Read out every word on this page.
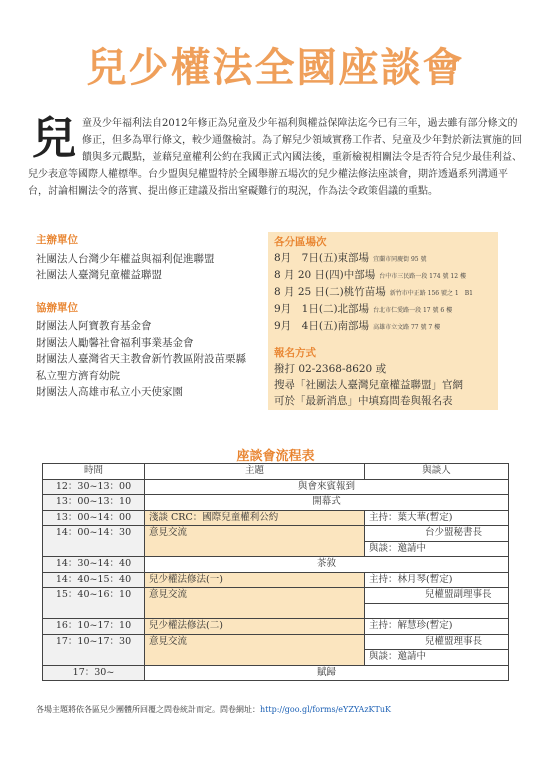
兒少權法全國座談會
兒童及少年福利法自2012年修正為兒童及少年福利與權益保障法迄今已有三年，過去雖有部分條文的修正，但多為單行條文，較少通盤檢討。為了解兒少領域實務工作者、兒童及少年對於新法實施的回饋與多元觀點，並藉兒童權利公約在我國正式內國法後，重新檢視相關法令是否符合兒少最佳利益、兒少表意等國際人權標準。台少盟與兒權盟特於全國舉辦五場次的兒少權法修法座談會，期許透過系列溝通平台，討論相關法令的落實、提出修正建議及指出窒礙難行的現況，作為法令政策倡議的重點。
主辦單位
社團法人台灣少年權益與福利促進聯盟
社團法人臺灣兒童權益聯盟
協辦單位
財團法人阿寶教育基金會
財團法人勵馨社會福利事業基金會
財團法人臺灣省天主教會新竹教區附設苗栗縣
私立聖方濟育幼院
財團法人高雄市私立小天使家園
各分區場次
8月　7日(五)東部場 宜蘭市同慶街 95 號
8 月 20 日(四)中部場 台中市三民路一段 174 號 12 樓
8 月 25 日(二)桃竹苗場 新竹市中正路 156 號之 1　B1
9月　1日(二)北部場 台北市仁愛路一段 17 號 6 樓
9月　4日(五)南部場 高雄市立文路 77 號 7 樓
報名方式
撥打 02-2368-8620 或
搜尋「社團法人臺灣兒童權益聯盟」官網
可於「最新消息」中填寫問卷與報名表
座談會流程表
時間	主題	與談人
12：30~13：00	與會來賓報到	
13：00~13：10	開幕式	
13：00~14：00	淺談 CRC：國際兒童權利公約	主持：葉大華(暫定)
14：00~14：30	意見交流	台少盟秘書長
		與談：邀請中
14：30~14：40	茶敘	
14：40~15：40	兒少權法修法(一)	主持：林月琴(暫定)
15：40~16：10	意見交流	兒權盟副理事長

16：10~17：10	兒少權法修法(二)	主持：解慧珍(暫定)
17：10~17：30	意見交流	兒權盟理事長
		與談：邀請中
17：30~	賦歸	
各場主題將依各區兒少團體所回覆之問卷統計而定。問卷網址：http://goo.gl/forms/eYZYAzKTuK
